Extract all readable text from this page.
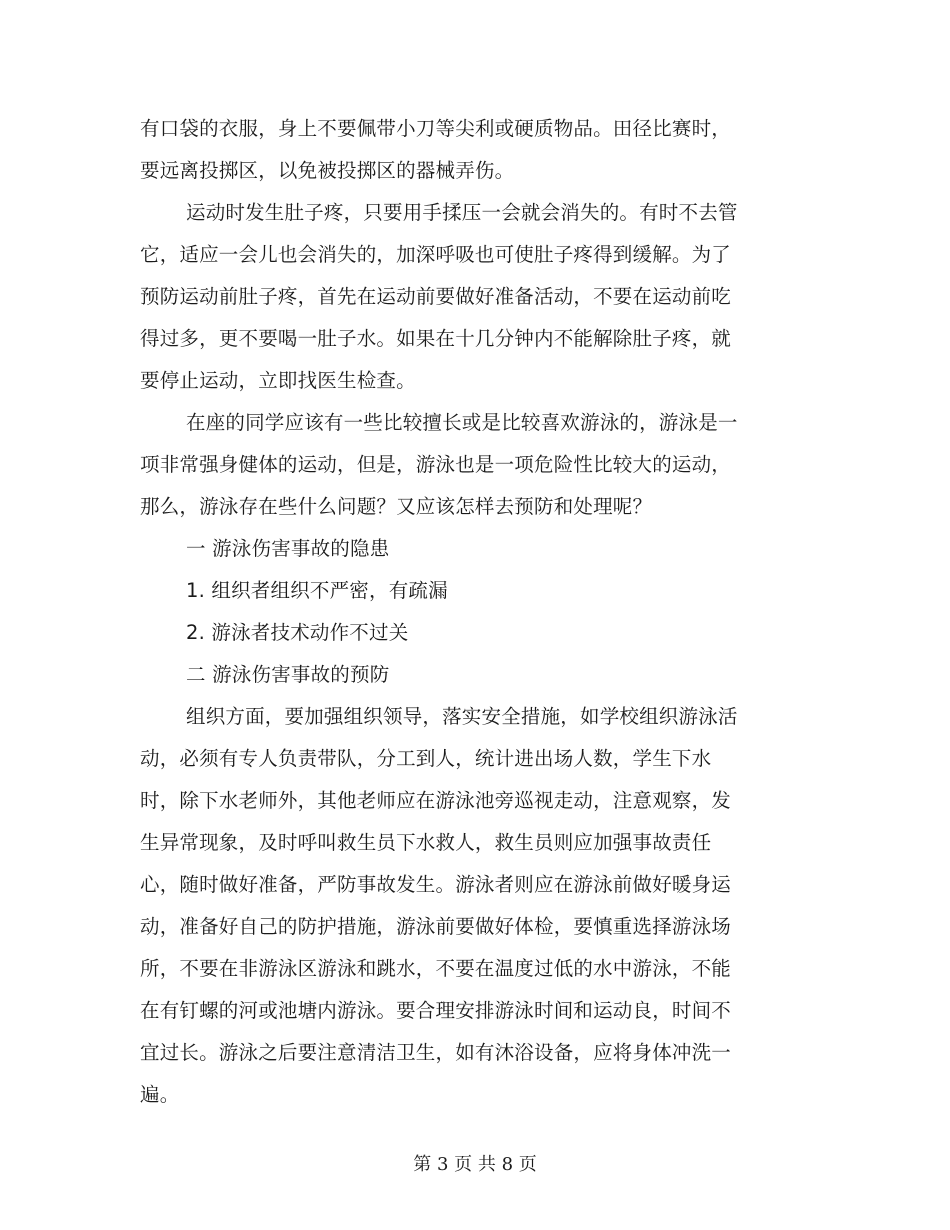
有口袋的衣服，身上不要佩带小刀等尖利或硬质物品。田径比赛时，
要远离投掷区，以免被投掷区的器械弄伤。
运动时发生肚子疼，只要用手揉压一会就会消失的。有时不去管
它，适应一会儿也会消失的，加深呼吸也可使肚子疼得到缓解。为了
预防运动前肚子疼，首先在运动前要做好准备活动，不要在运动前吃
得过多，更不要喝一肚子水。如果在十几分钟内不能解除肚子疼，就
要停止运动，立即找医生检查。
在座的同学应该有一些比较擅长或是比较喜欢游泳的，游泳是一
项非常强身健体的运动，但是，游泳也是一项危险性比较大的运动，
那么，游泳存在些什么问题？又应该怎样去预防和处理呢？
一 游泳伤害事故的隐患
1. 组织者组织不严密，有疏漏
2. 游泳者技术动作不过关
二 游泳伤害事故的预防
组织方面，要加强组织领导，落实安全措施，如学校组织游泳活
动，必须有专人负责带队，分工到人，统计进出场人数，学生下水
时，除下水老师外，其他老师应在游泳池旁巡视走动，注意观察，发
生异常现象，及时呼叫救生员下水救人，救生员则应加强事故责任
心，随时做好准备，严防事故发生。游泳者则应在游泳前做好暖身运
动，准备好自己的防护措施，游泳前要做好体检，要慎重选择游泳场
所，不要在非游泳区游泳和跳水，不要在温度过低的水中游泳，不能
在有钉螺的河或池塘内游泳。要合理安排游泳时间和运动良，时间不
宜过长。游泳之后要注意清洁卫生，如有沐浴设备，应将身体冲洗一
遍。
第 3 页 共 8 页
